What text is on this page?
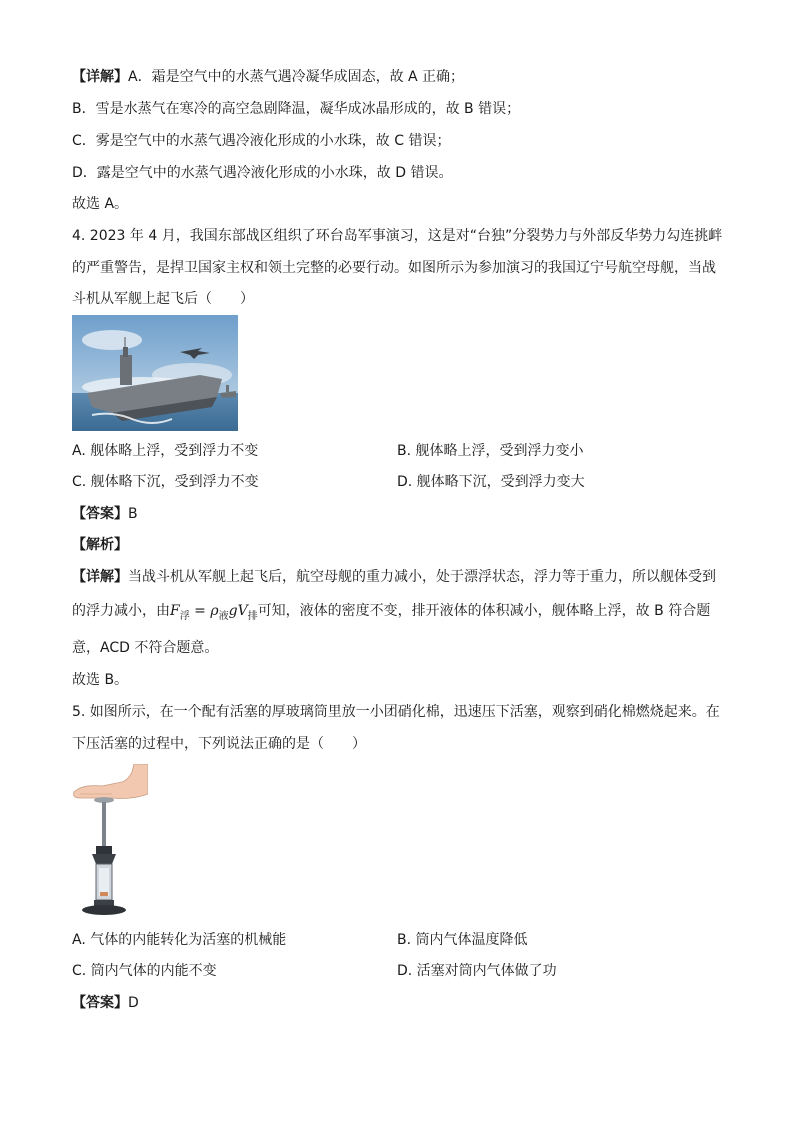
【详解】A．霜是空气中的水蒸气遇冷凝华成固态，故 A 正确；
B．雪是水蒸气在寒冷的高空急剧降温，凝华成冰晶形成的，故 B 错误；
C．雾是空气中的水蒸气遇冷液化形成的小水珠，故 C 错误；
D．露是空气中的水蒸气遇冷液化形成的小水珠，故 D 错误。
故选 A。
4. 2023 年 4 月，我国东部战区组织了环台岛军事演习，这是对“台独”分裂势力与外部反华势力勾连挑衅
的严重警告，是捍卫国家主权和领土完整的必要行动。如图所示为参加演习的我国辽宁号航空母舰，当战
斗机从军舰上起飞后（　　）
A. 舰体略上浮，受到浮力不变	B. 舰体略上浮，受到浮力变小
C. 舰体略下沉，受到浮力不变	D. 舰体略下沉，受到浮力变大
【答案】B
【解析】
【详解】当战斗机从军舰上起飞后，航空母舰的重力减小，处于漂浮状态，浮力等于重力，所以舰体受到
的浮力减小，由$F_浮 = \rho_液gV_排$可知，液体的密度不变，排开液体的体积减小，舰体略上浮，故 B 符合题
意，ACD 不符合题意。
故选 B。
5. 如图所示，在一个配有活塞的厚玻璃筒里放一小团硝化棉，迅速压下活塞，观察到硝化棉燃烧起来。在
下压活塞的过程中，下列说法正确的是（　　）
A. 气体的内能转化为活塞的机械能	B. 筒内气体温度降低
C. 筒内气体的内能不变	D. 活塞对筒内气体做了功
【答案】D
